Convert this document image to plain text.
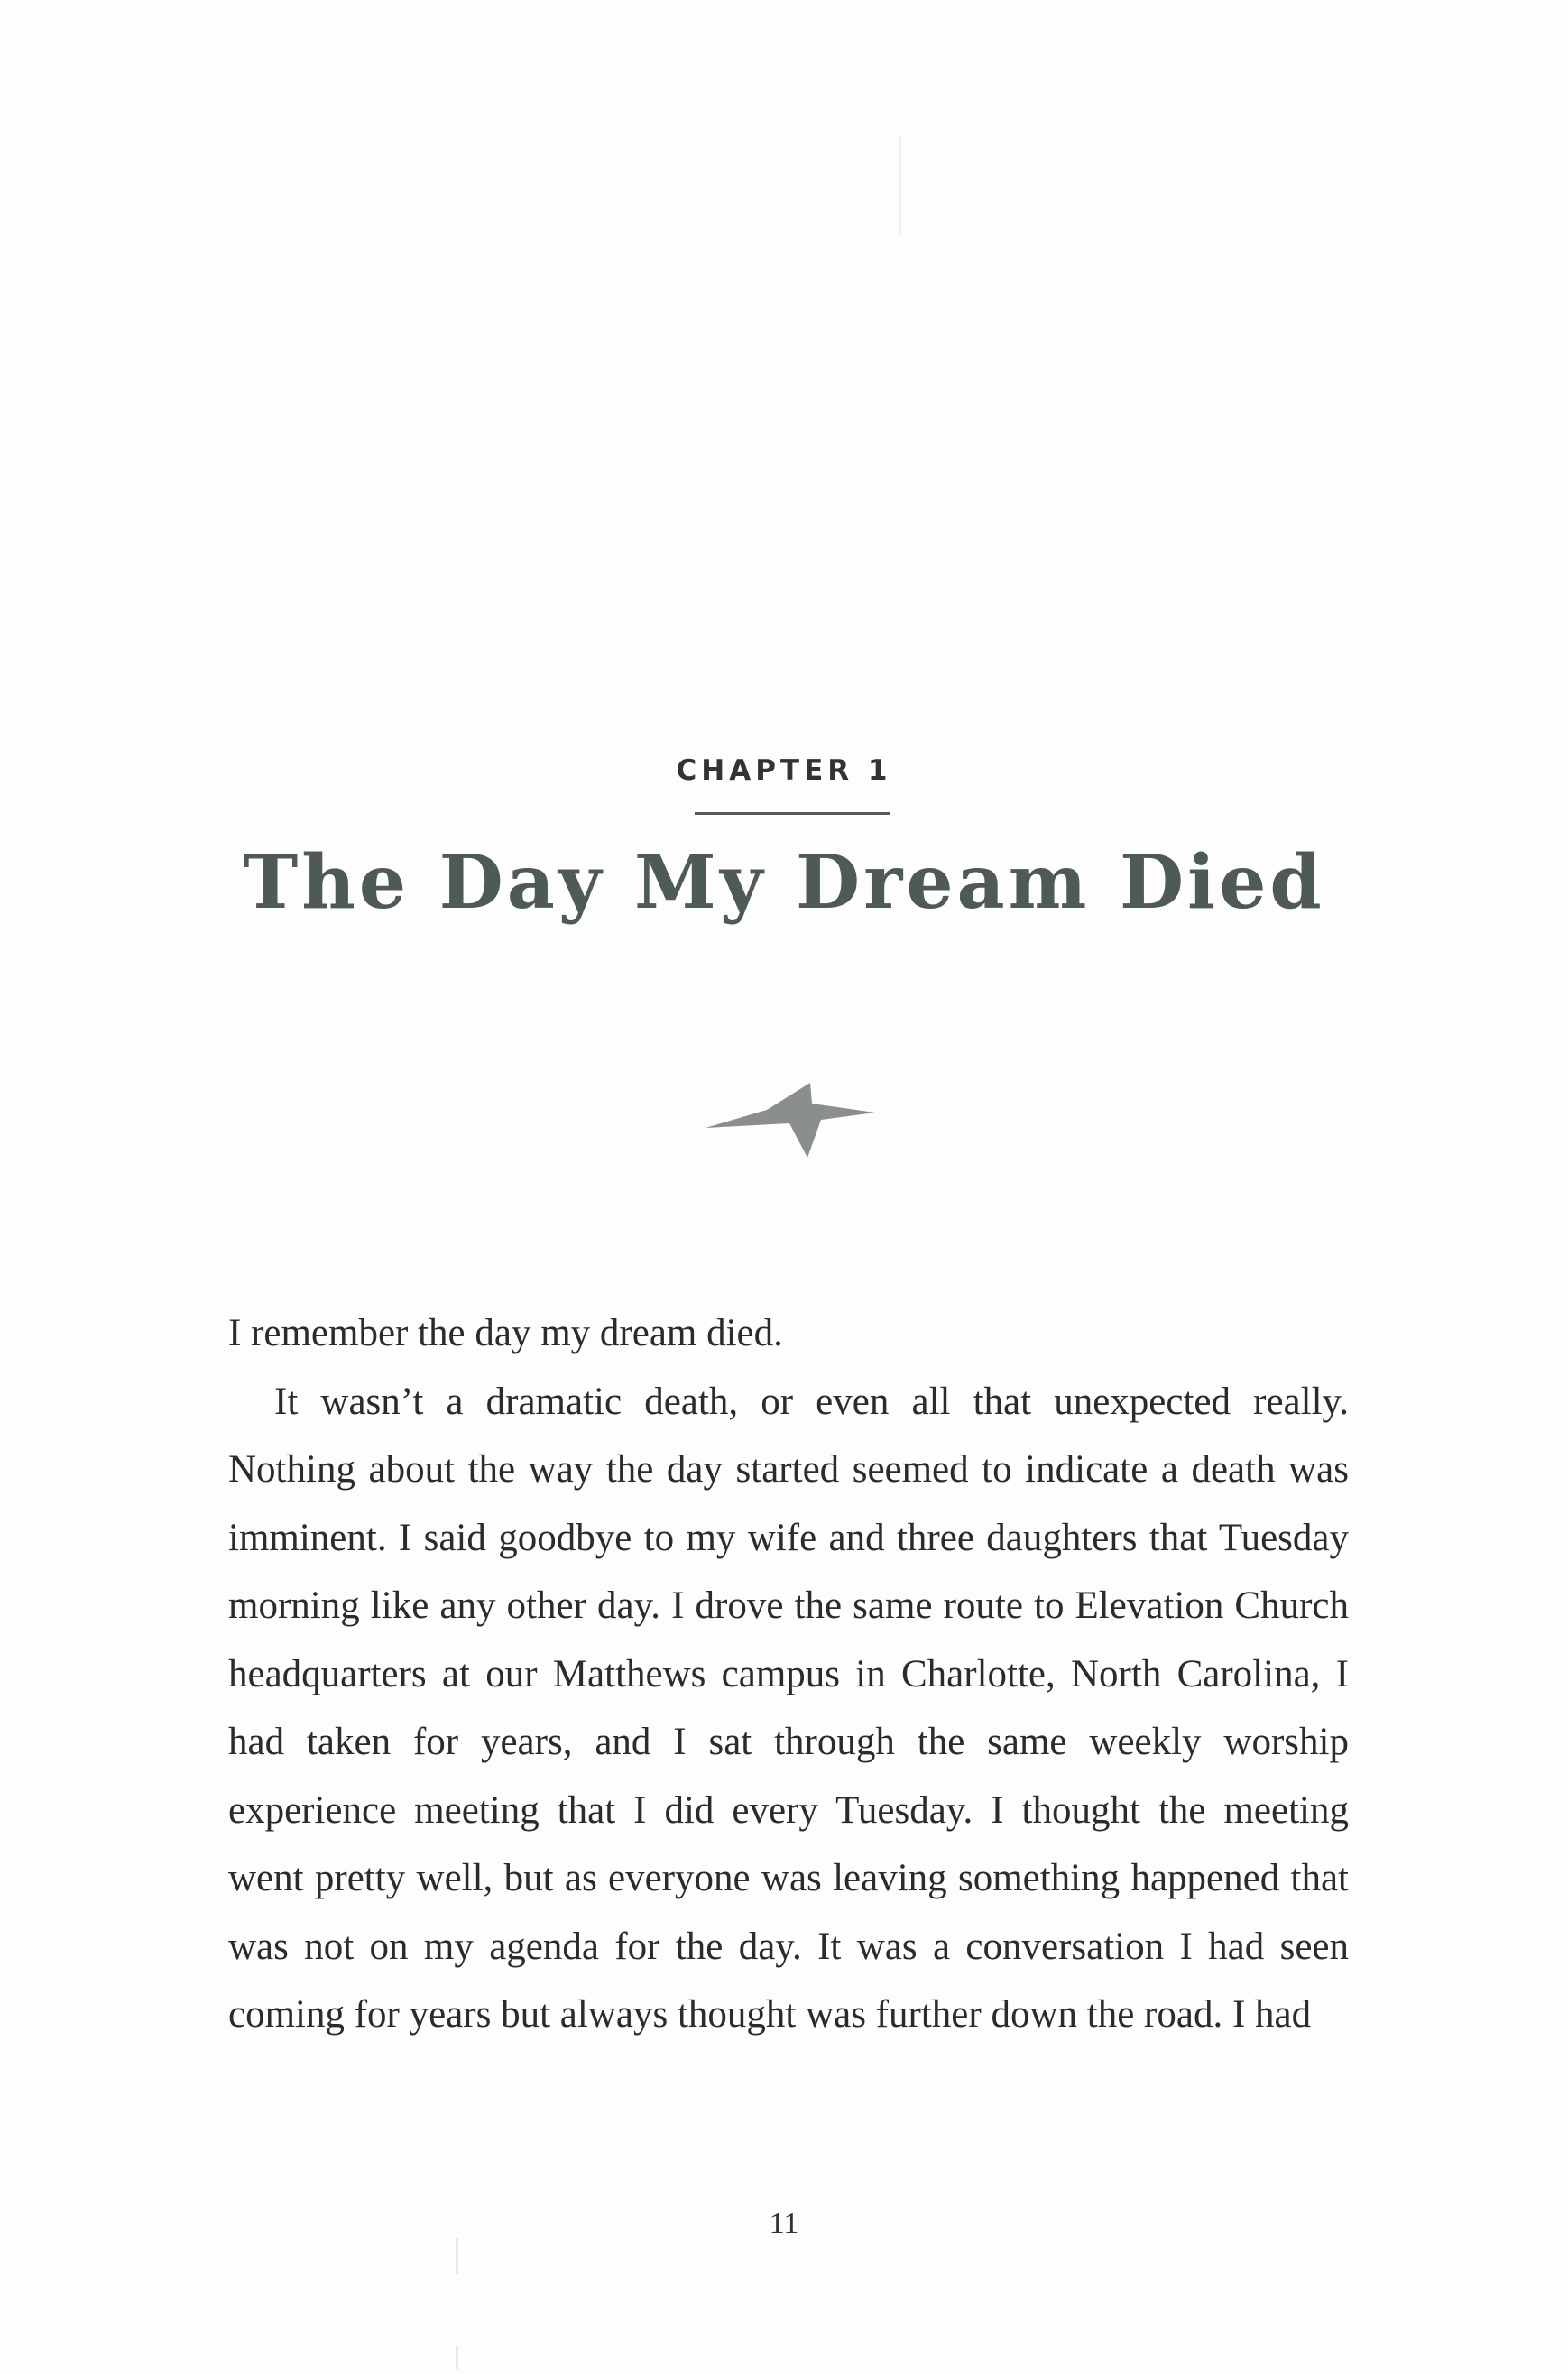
CHAPTER 1
The Day My Dream Died

I remember the day my dream died.

It wasn’t a dramatic death, or even all that unexpected really. Nothing about the way the day started seemed to indicate a death was imminent. I said goodbye to my wife and three daughters that Tuesday morning like any other day. I drove the same route to Elevation Church headquarters at our Matthews campus in Charlotte, North Carolina, I had taken for years, and I sat through the same weekly worship experience meeting that I did every Tuesday. I thought the meeting went pretty well, but as everyone was leaving something happened that was not on my agenda for the day. It was a conversation I had seen coming for years but always thought was further down the road. I had

11
